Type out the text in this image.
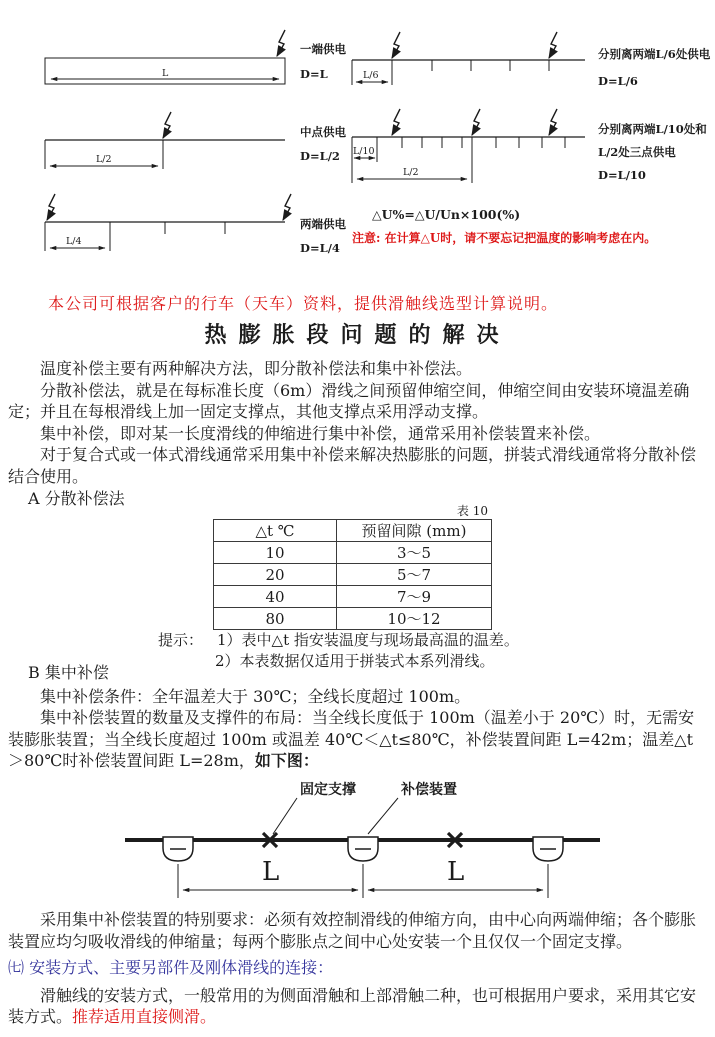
L
一端供电
D=L
L/2
中点供电
D=L/2
L/4
两端供电
D=L/4
L/6
分别离两端L/6处供电
D=L/6
L/10
L/2
分别离两端L/10处和
L/2处三点供电
D=L/10
△U%=△U/Un×100(%)
注意: 在计算△U时，请不要忘记把温度的影响考虑在内。
本公司可根据客户的行车（天车）资料，提供滑触线选型计算说明。
热膨胀段问题的解决

温度补偿主要有两种解决方法，即分散补偿法和集中补偿法。

分散补偿法，就是在每标准长度（6m）滑线之间预留伸缩空间，伸缩空间由安装环境温差确定；并且在每根滑线上加一固定支撑点，其他支撑点采用浮动支撑。

集中补偿，即对某一长度滑线的伸缩进行集中补偿，通常采用补偿装置来补偿。

对于复合式或一体式滑线通常采用集中补偿来解决热膨胀的问题，拼装式滑线通常将分散补偿结合使用。

A 分散补偿法
表 10
△t ℃	预留间隙 (mm)
10	3～5
20	5～7
40	7～9
80	10～12
提示： 1）表中△t 指安装温度与现场最高温的温差。
2）本表数据仅适用于拼装式本系列滑线。
B 集中补偿

集中补偿条件：全年温差大于 30℃；全线长度超过 100m。

集中补偿装置的数量及支撑件的布局：当全线长度低于 100m（温差小于 20℃）时，无需安装膨胀装置；当全线长度超过 100m 或温差 40℃＜△t≤80℃，补偿装置间距 L=42m；温差△t＞80℃时补偿装置间距 L=28m，如下图：

固定支撑	补偿装置
L	L

采用集中补偿装置的特别要求：必须有效控制滑线的伸缩方向，由中心向两端伸缩；各个膨胀装置应均匀吸收滑线的伸缩量；每两个膨胀点之间中心处安装一个且仅仅一个固定支撑。

㈦ 安装方式、主要另部件及刚体滑线的连接：

滑触线的安装方式，一般常用的为侧面滑触和上部滑触二种，也可根据用户要求，采用其它安装方式。推荐适用直接侧滑。
